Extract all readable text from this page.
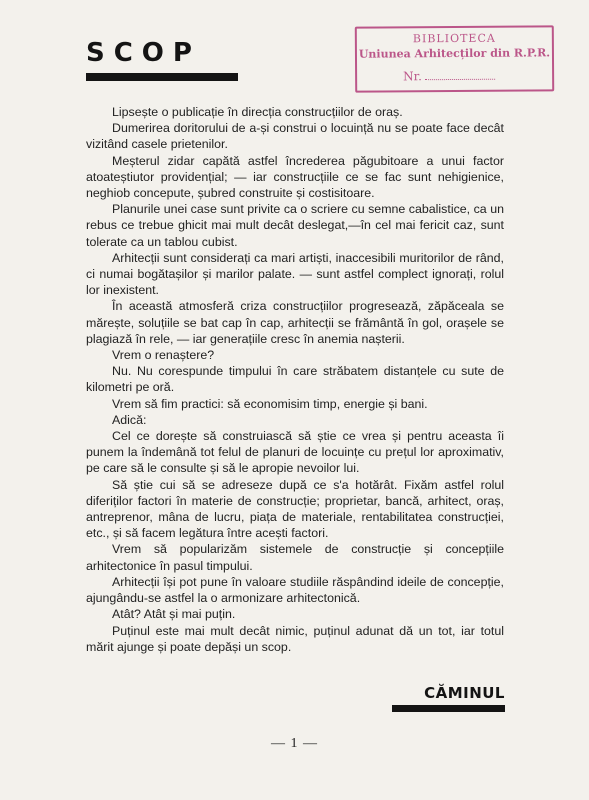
SCOP	BIBLIOTECA
Uniunea Arhitecților din R.P.R.
Nr.

Lipsește o publicație în direcția construcțiilor de oraș.

Dumerirea doritorului de a-și construi o locuință nu se poate face decât vizitând casele prietenilor.

Meșterul zidar capătă astfel încrederea păgubitoare a unui factor atoateștiutor providențial; — iar construcțiile ce se fac sunt nehigienice, neghiob concepute, șubred construite și costisitoare.

Planurile unei case sunt privite ca o scriere cu semne cabalistice, ca un rebus ce trebue ghicit mai mult decât deslegat,—în cel mai fericit caz, sunt tolerate ca un tablou cubist.

Arhitecții sunt considerați ca mari artiști, inaccesibili muritorilor de rând, ci numai bogătașilor și marilor palate. — sunt astfel complect ignorați, rolul lor inexistent.

În această atmosferă criza construcțiilor progresează, zăpăceala se mărește, soluțiile se bat cap în cap, arhitecții se frământă în gol, orașele se plagiază în rele, — iar generațiile cresc în anemia nașterii.

Vrem o renaștere?

Nu. Nu corespunde timpului în care străbatem distanțele cu sute de kilometri pe oră.

Vrem să fim practici: să economisim timp, energie și bani.

Adică:

Cel ce dorește să construiască să știe ce vrea și pentru aceasta îi punem la îndemână tot felul de planuri de locuințe cu prețul lor aproximativ, pe care să le consulte și să le apropie nevoilor lui.

Să știe cui să se adreseze după ce s'a hotărât. Fixăm astfel rolul diferiților factori în materie de construcție; proprietar, bancă, arhitect, oraș, antreprenor, mâna de lucru, piața de materiale, rentabilitatea construcției, etc., și să facem legătura între acești factori.

Vrem să popularizăm sistemele de construcție și concepțiile arhitectonice în pasul timpului.

Arhitecții își pot pune în valoare studiile răspândind ideile de concepție, ajungându-se astfel la o armonizare arhitectonică.

Atât? Atât și mai puțin.

Puținul este mai mult decât nimic, puținul adunat dă un tot, iar totul mărit ajunge și poate depăși un scop.

CĂMINUL
— 1 —
